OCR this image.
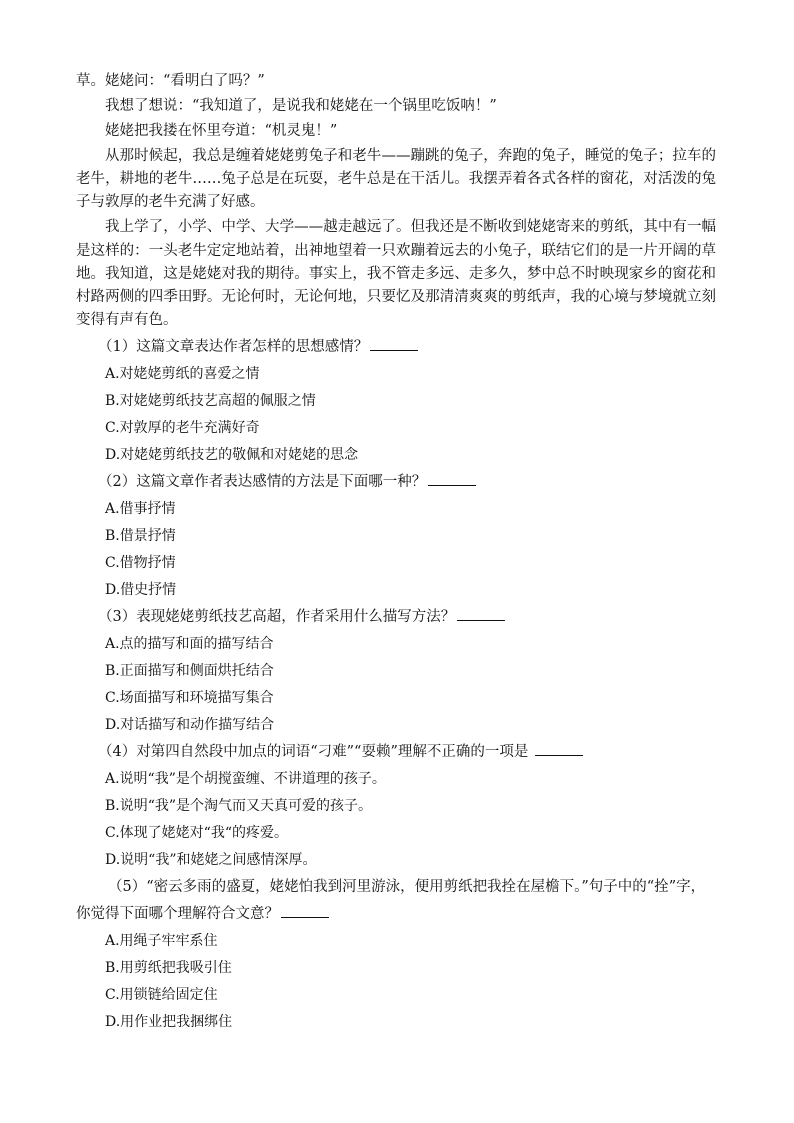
草。姥姥问：“看明白了吗？”

我想了想说：“我知道了，是说我和姥姥在一个锅里吃饭呐！”

姥姥把我搂在怀里夸道：“机灵鬼！”

从那时候起，我总是缠着姥姥剪兔子和老牛——蹦跳的兔子，奔跑的兔子，睡觉的兔子；拉车的老牛，耕地的老牛……兔子总是在玩耍，老牛总是在干活儿。我摆弄着各式各样的窗花，对活泼的兔子与敦厚的老牛充满了好感。

我上学了，小学、中学、大学——越走越远了。但我还是不断收到姥姥寄来的剪纸，其中有一幅是这样的：一头老牛定定地站着，出神地望着一只欢蹦着远去的小兔子，联结它们的是一片开阔的草地。我知道，这是姥姥对我的期待。事实上，我不管走多远、走多久，梦中总不时映现家乡的窗花和村路两侧的四季田野。无论何时，无论何地，只要忆及那清清爽爽的剪纸声，我的心境与梦境就立刻变得有声有色。

（1）这篇文章表达作者怎样的思想感情？

A.对姥姥剪纸的喜爱之情

B.对姥姥剪纸技艺高超的佩服之情

C.对敦厚的老牛充满好奇

D.对姥姥剪纸技艺的敬佩和对姥姥的思念

（2）这篇文章作者表达感情的方法是下面哪一种？

A.借事抒情

B.借景抒情

C.借物抒情

D.借史抒情

（3）表现姥姥剪纸技艺高超，作者采用什么描写方法？

A.点的描写和面的描写结合

B.正面描写和侧面烘托结合

C.场面描写和环境描写集合

D.对话描写和动作描写结合

（4）对第四自然段中加点的词语“刁难”“耍赖”理解不正确的一项是

A.说明“我”是个胡搅蛮缠、不讲道理的孩子。

B.说明“我”是个淘气而又天真可爱的孩子。

C.体现了姥姥对“我“的疼爱。

D.说明“我”和姥姥之间感情深厚。

（5）“密云多雨的盛夏，姥姥怕我到河里游泳，便用剪纸把我拴在屋檐下。”句子中的“拴”字，你觉得下面哪个理解符合文意？

A.用绳子牢牢系住

B.用剪纸把我吸引住

C.用锁链给固定住

D.用作业把我捆绑住
